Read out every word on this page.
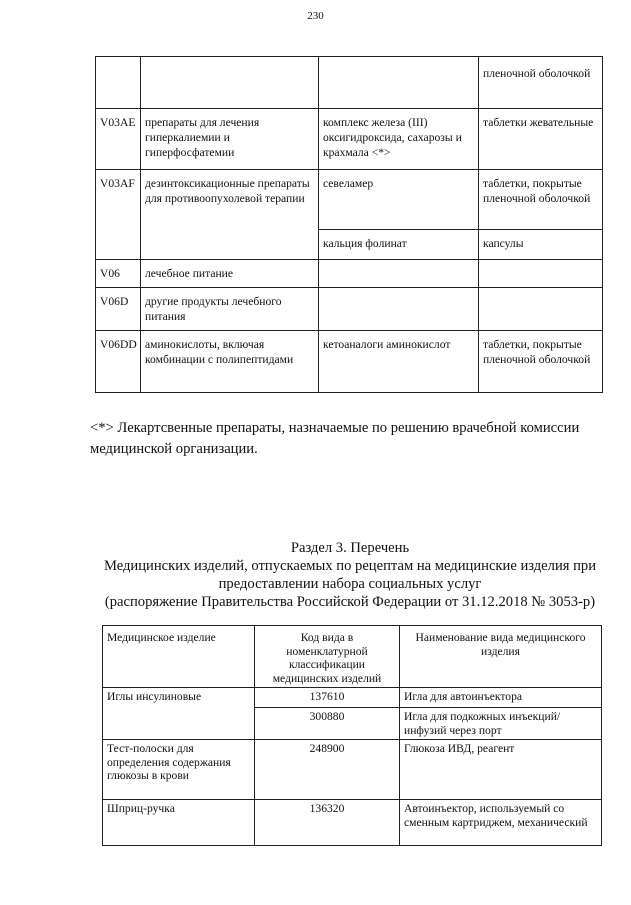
230
			пленочной оболочкой
V03AE	препараты для лечения гиперкалиемии и гиперфосфатемии	комплекс железа (III) оксигидроксида, сахарозы и крахмала <*>	таблетки жевательные
V03AF	дезинтоксикационные препараты для противоопухолевой терапии	севеламер	таблетки, покрытые пленочной оболочкой
		кальция фолинат	капсулы
V06	лечебное питание		
V06D	другие продукты лечебного питания		
V06DD	аминокислоты, включая комбинации с полипептидами	кетоаналоги аминокислот	таблетки, покрытые пленочной оболочкой
<*> Лекартсвенные препараты, назначаемые по решению врачебной комиссии медицинской организации.
Раздел 3. Перечень
Медицинских изделий, отпускаемых по рецептам на медицинские изделия при
предоставлении набора социальных услуг
(распоряжение Правительства Российской Федерации от 31.12.2018 № 3053-р)
Медицинское изделие	Код вида в номенклатурной классификации медицинских изделий	Наименование вида медицинского изделия
Иглы инсулиновые	137610	Игла для автоинъектора
	300880	Игла для подкожных инъекций/инфузий через порт
Тест-полоски для определения содержания глюкозы в крови	248900	Глюкоза ИВД, реагент
Шприц-ручка	136320	Автоинъектор, используемый со сменным картриджем, механический
